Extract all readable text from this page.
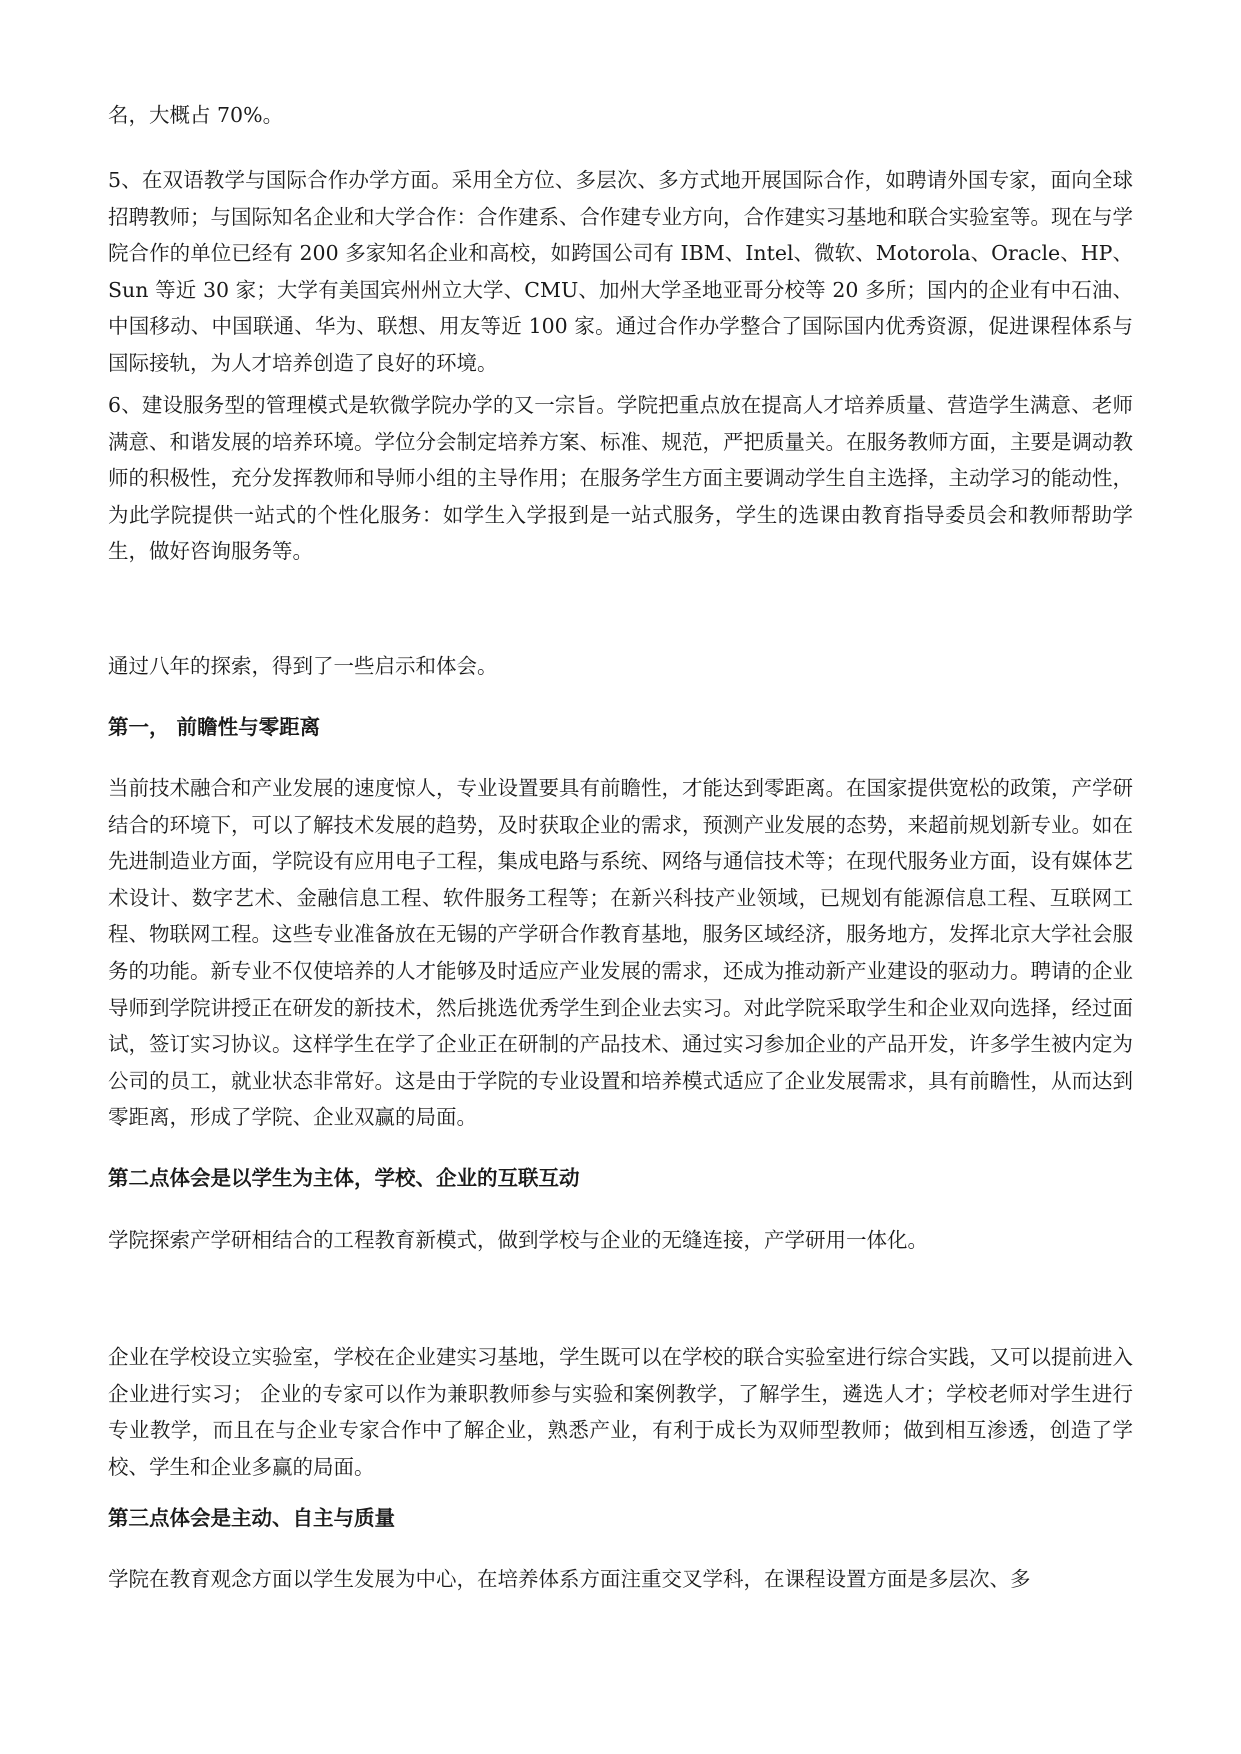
名，大概占 70%。

5、在双语教学与国际合作办学方面。采用全方位、多层次、多方式地开展国际合作，如聘请外国专家，面向全球招聘教师；与国际知名企业和大学合作：合作建系、合作建专业方向，合作建实习基地和联合实验室等。现在与学院合作的单位已经有 200 多家知名企业和高校，如跨国公司有 IBM、Intel、微软、Motorola、Oracle、HP、Sun 等近 30 家；大学有美国宾州州立大学、CMU、加州大学圣地亚哥分校等 20 多所；国内的企业有中石油、中国移动、中国联通、华为、联想、用友等近 100 家。通过合作办学整合了国际国内优秀资源，促进课程体系与国际接轨，为人才培养创造了良好的环境。

6、建设服务型的管理模式是软微学院办学的又一宗旨。学院把重点放在提高人才培养质量、营造学生满意、老师满意、和谐发展的培养环境。学位分会制定培养方案、标准、规范，严把质量关。在服务教师方面，主要是调动教师的积极性，充分发挥教师和导师小组的主导作用；在服务学生方面主要调动学生自主选择，主动学习的能动性，为此学院提供一站式的个性化服务：如学生入学报到是一站式服务，学生的选课由教育指导委员会和教师帮助学生，做好咨询服务等。

通过八年的探索，得到了一些启示和体会。

第一， 前瞻性与零距离

当前技术融合和产业发展的速度惊人，专业设置要具有前瞻性，才能达到零距离。在国家提供宽松的政策，产学研结合的环境下，可以了解技术发展的趋势，及时获取企业的需求，预测产业发展的态势，来超前规划新专业。如在先进制造业方面，学院设有应用电子工程，集成电路与系统、网络与通信技术等；在现代服务业方面，设有媒体艺术设计、数字艺术、金融信息工程、软件服务工程等；在新兴科技产业领域，已规划有能源信息工程、互联网工程、物联网工程。这些专业准备放在无锡的产学研合作教育基地，服务区域经济，服务地方，发挥北京大学社会服务的功能。新专业不仅使培养的人才能够及时适应产业发展的需求，还成为推动新产业建设的驱动力。聘请的企业导师到学院讲授正在研发的新技术，然后挑选优秀学生到企业去实习。对此学院采取学生和企业双向选择，经过面试，签订实习协议。这样学生在学了企业正在研制的产品技术、通过实习参加企业的产品开发，许多学生被内定为公司的员工，就业状态非常好。这是由于学院的专业设置和培养模式适应了企业发展需求，具有前瞻性，从而达到零距离，形成了学院、企业双赢的局面。

第二点体会是以学生为主体，学校、企业的互联互动

学院探索产学研相结合的工程教育新模式，做到学校与企业的无缝连接，产学研用一体化。

企业在学校设立实验室，学校在企业建实习基地，学生既可以在学校的联合实验室进行综合实践，又可以提前进入企业进行实习； 企业的专家可以作为兼职教师参与实验和案例教学，了解学生，遴选人才；学校老师对学生进行专业教学，而且在与企业专家合作中了解企业，熟悉产业，有利于成长为双师型教师；做到相互渗透，创造了学校、学生和企业多赢的局面。

第三点体会是主动、自主与质量

学院在教育观念方面以学生发展为中心，在培养体系方面注重交叉学科，在课程设置方面是多层次、多
